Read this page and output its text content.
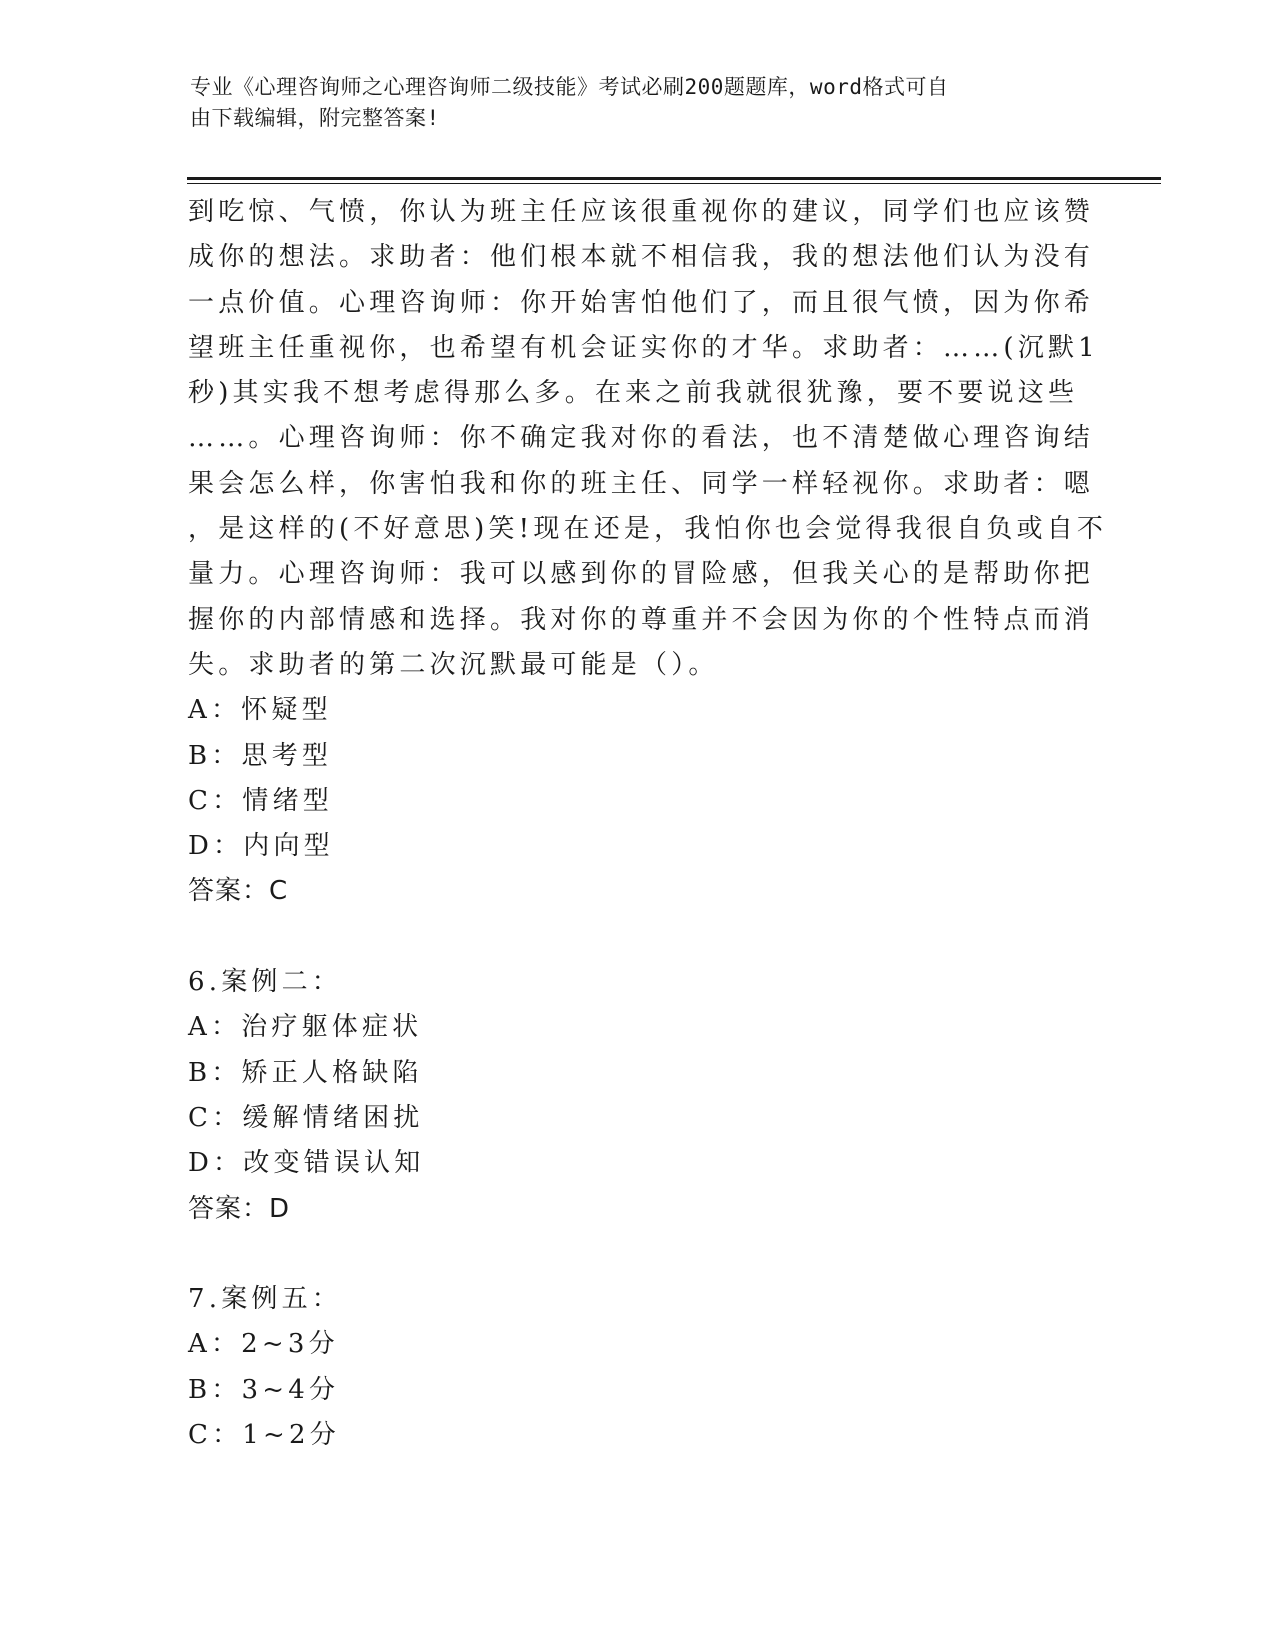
专业《心理咨询师之心理咨询师二级技能》考试必刷200题题库，word格式可自
由下载编辑，附完整答案!
到吃惊、气愤，你认为班主任应该很重视你的建议，同学们也应该赞
成你的想法。求助者：他们根本就不相信我，我的想法他们认为没有
一点价值。心理咨询师：你开始害怕他们了，而且很气愤，因为你希
望班主任重视你，也希望有机会证实你的才华。求助者：……(沉默1
秒)其实我不想考虑得那么多。在来之前我就很犹豫，要不要说这些
……。心理咨询师：你不确定我对你的看法，也不清楚做心理咨询结
果会怎么样，你害怕我和你的班主任、同学一样轻视你。求助者：嗯
，是这样的(不好意思)笑!现在还是，我怕你也会觉得我很自负或自不
量力。心理咨询师：我可以感到你的冒险感，但我关心的是帮助你把
握你的内部情感和选择。我对你的尊重并不会因为你的个性特点而消
失。求助者的第二次沉默最可能是（）。
A：怀疑型
B：思考型
C：情绪型
D：内向型
答案：C
6.案例二：
A：治疗躯体症状
B：矫正人格缺陷
C：缓解情绪困扰
D：改变错误认知
答案：D
7.案例五：
A：2~3分
B：3~4分
C：1~2分
